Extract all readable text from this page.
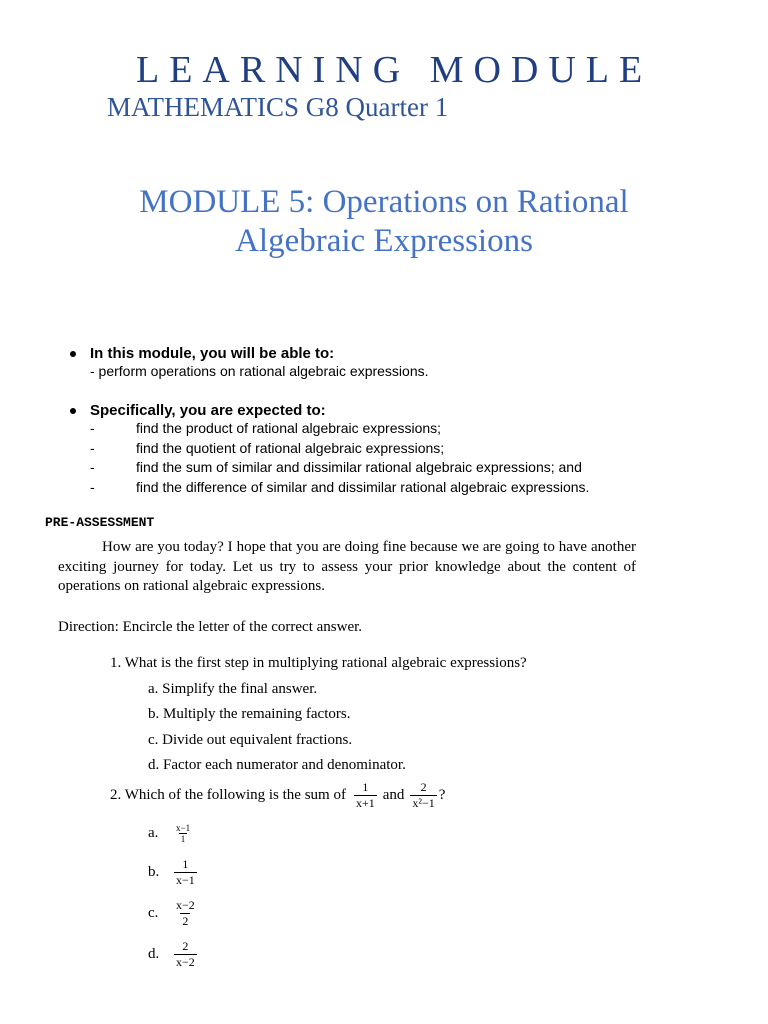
LEARNING MODULE
MATHEMATICS G8 Quarter 1
MODULE 5: Operations on Rational
Algebraic Expressions
In this module, you will be able to:
- perform operations on rational algebraic expressions.
Specifically, you are expected to:
-	find the product of rational algebraic expressions;
-	find the quotient of rational algebraic expressions;
-	find the sum of similar and dissimilar rational algebraic expressions; and
-	find the difference of similar and dissimilar rational algebraic expressions.
PRE-ASSESSMENT
How are you today? I hope that you are doing fine because we are going to have another exciting journey for today. Let us try to assess your prior knowledge about the content of operations on rational algebraic expressions.
Direction: Encircle the letter of the correct answer.
1. What is the first step in multiplying rational algebraic expressions?
a. Simplify the final answer.
b. Multiply the remaining factors.
c. Divide out equivalent fractions.
d. Factor each numerator and denominator.
2. Which of the following is the sum of $\frac{1}{x+1}$ and $\frac{2}{\text{x²−1}}$ ?
a.	$\frac{x-1}{1}$
b.	$\frac{1}{x-1}$
c.	$\frac{x-2}{2}$
d.	$\frac{2}{x-2}$
